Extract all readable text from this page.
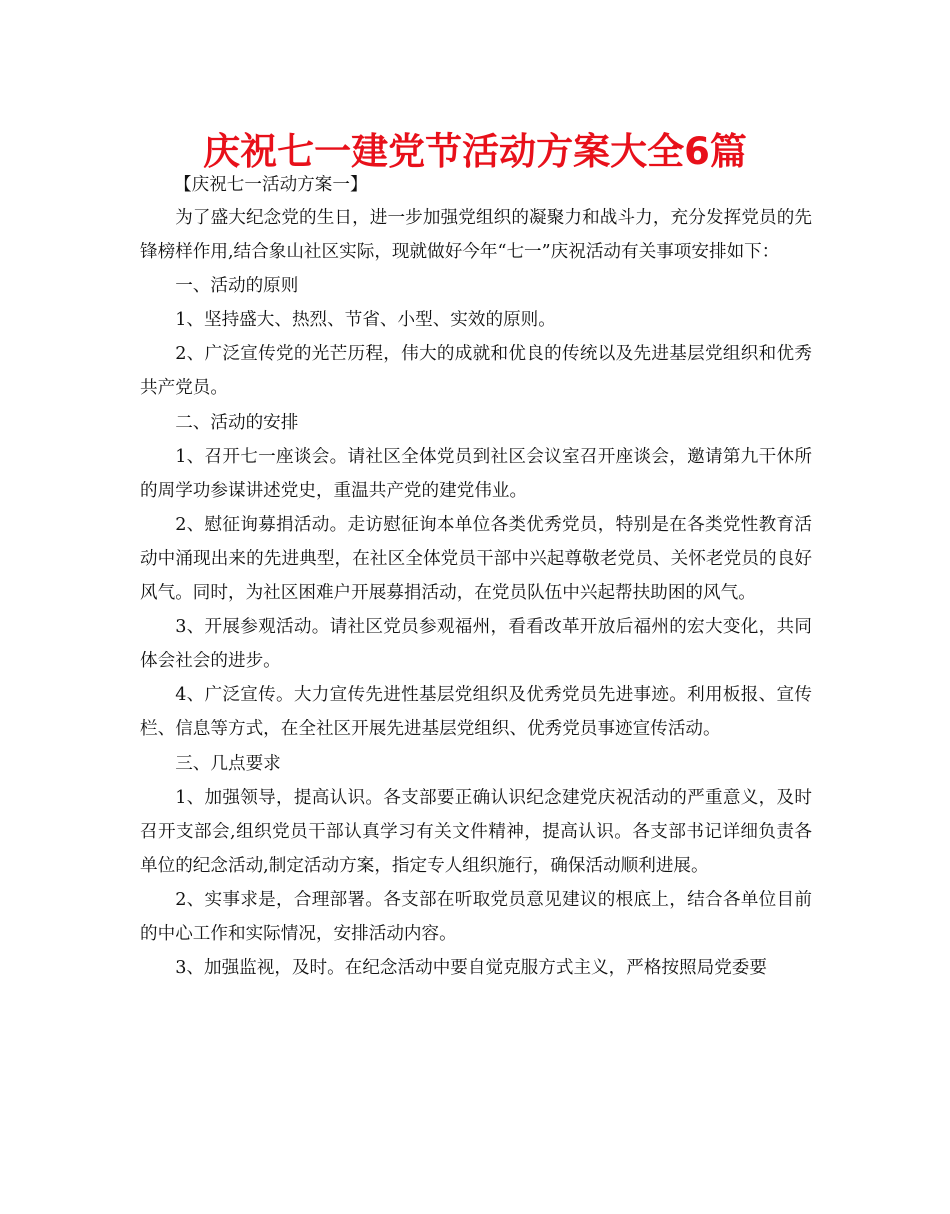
庆祝七一建党节活动方案大全6篇

【庆祝七一活动方案一】

为了盛大纪念党的生日，进一步加强党组织的凝聚力和战斗力，充分发挥党员的先锋榜样作用,结合象山社区实际，现就做好今年“七一”庆祝活动有关事项安排如下：

一、活动的原则

1、坚持盛大、热烈、节省、小型、实效的原则。

2、广泛宣传党的光芒历程，伟大的成就和优良的传统以及先进基层党组织和优秀共产党员。

二、活动的安排

1、召开七一座谈会。请社区全体党员到社区会议室召开座谈会，邀请第九干休所的周学功参谋讲述党史，重温共产党的建党伟业。

2、慰征询募捐活动。走访慰征询本单位各类优秀党员，特别是在各类党性教育活动中涌现出来的先进典型，在社区全体党员干部中兴起尊敬老党员、关怀老党员的良好风气。同时，为社区困难户开展募捐活动，在党员队伍中兴起帮扶助困的风气。

3、开展参观活动。请社区党员参观福州，看看改革开放后福州的宏大变化，共同体会社会的进步。

4、广泛宣传。大力宣传先进性基层党组织及优秀党员先进事迹。利用板报、宣传栏、信息等方式，在全社区开展先进基层党组织、优秀党员事迹宣传活动。

三、几点要求

1、加强领导，提高认识。各支部要正确认识纪念建党庆祝活动的严重意义，及时召开支部会,组织党员干部认真学习有关文件精神，提高认识。各支部书记详细负责各单位的纪念活动,制定活动方案，指定专人组织施行，确保活动顺利进展。

2、实事求是，合理部署。各支部在听取党员意见建议的根底上，结合各单位目前的中心工作和实际情况，安排活动内容。

3、加强监视，及时。在纪念活动中要自觉克服方式主义，严格按照局党委要
